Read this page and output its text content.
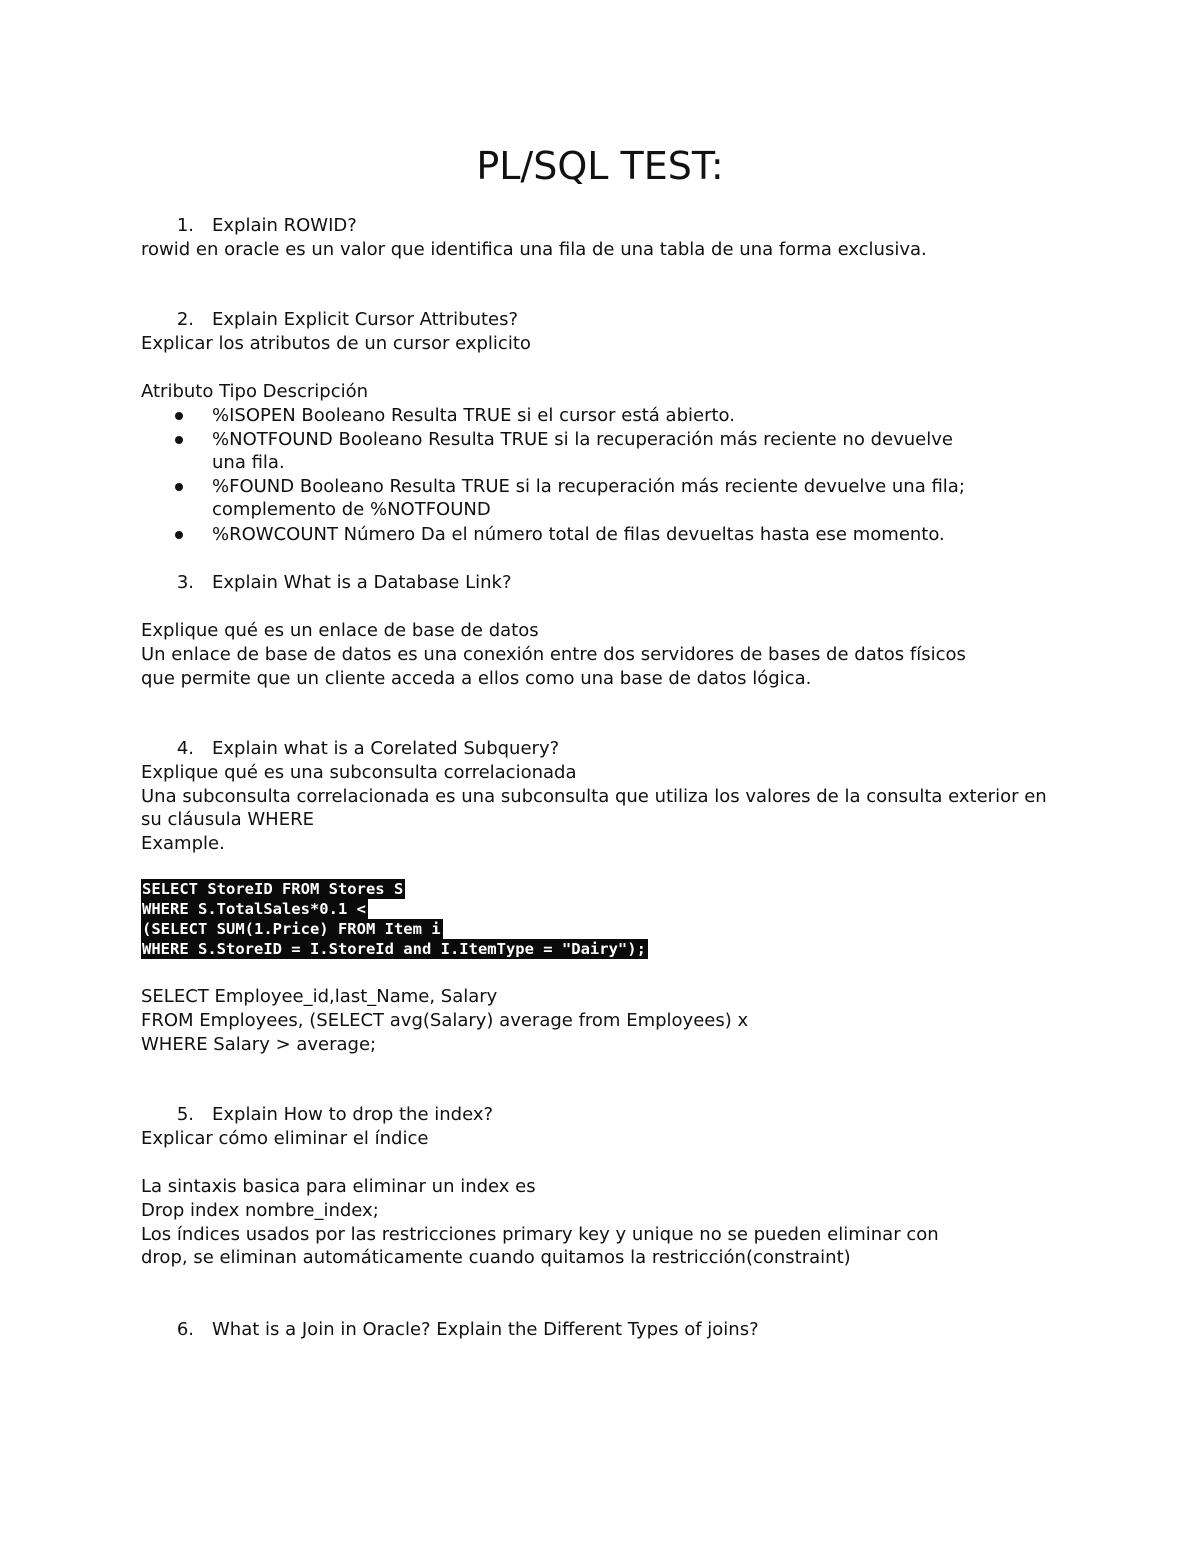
PL/SQL TEST:
1. Explain ROWID?
rowid en oracle es un valor que identifica una fila de una tabla de una forma exclusiva.
2. Explain Explicit Cursor Attributes?
Explicar los atributos de un cursor explicito
Atributo Tipo Descripción
%ISOPEN Booleano Resulta TRUE si el cursor está abierto.
%NOTFOUND Booleano Resulta TRUE si la recuperación más reciente no devuelve
una fila.
%FOUND Booleano Resulta TRUE si la recuperación más reciente devuelve una fila;
complemento de %NOTFOUND
%ROWCOUNT Número Da el número total de filas devueltas hasta ese momento.
3. Explain What is a Database Link?
Explique qué es un enlace de base de datos
Un enlace de base de datos es una conexión entre dos servidores de bases de datos físicos
que permite que un cliente acceda a ellos como una base de datos lógica.
4. Explain what is a Corelated Subquery?
Explique qué es una subconsulta correlacionada
Una subconsulta correlacionada es una subconsulta que utiliza los valores de la consulta exterior en
su cláusula WHERE
Example.
SELECT StoreID FROM Stores S
WHERE S.TotalSales*0.1 <
(SELECT SUM(1.Price) FROM Item i
WHERE S.StoreID = I.StoreId and I.ItemType = "Dairy");
SELECT Employee_id,last_Name, Salary
FROM Employees, (SELECT avg(Salary) average from Employees) x
WHERE Salary > average;
5. Explain How to drop the index?
Explicar cómo eliminar el índice
La sintaxis basica para eliminar un index es
Drop index nombre_index;
Los índices usados por las restricciones primary key y unique no se pueden eliminar con
drop, se eliminan automáticamente cuando quitamos la restricción(constraint)
6. What is a Join in Oracle? Explain the Different Types of joins?
